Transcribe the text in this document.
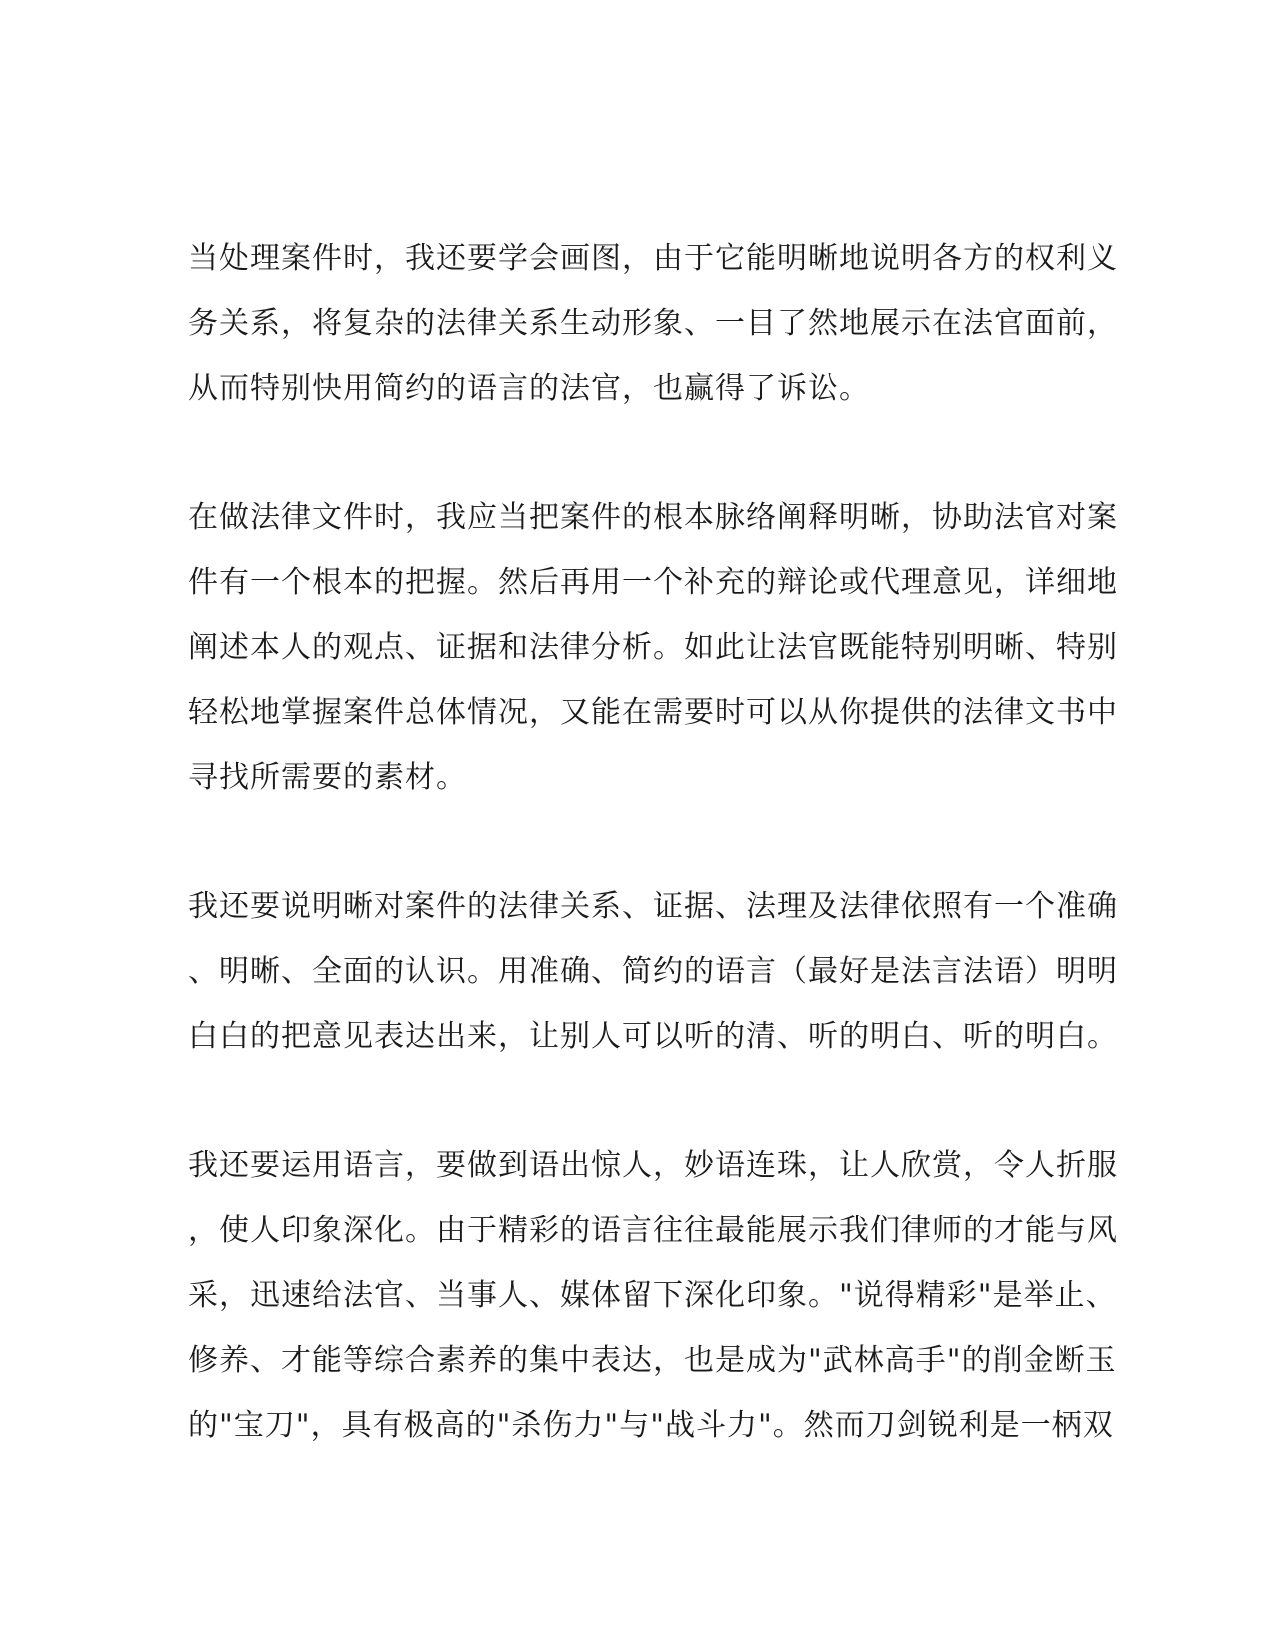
当处理案件时，我还要学会画图，由于它能明晰地说明各方的权利义
务关系，将复杂的法律关系生动形象、一目了然地展示在法官面前，
从而特别快用简约的语言的法官，也赢得了诉讼。

在做法律文件时，我应当把案件的根本脉络阐释明晰，协助法官对案
件有一个根本的把握。然后再用一个补充的辩论或代理意见，详细地
阐述本人的观点、证据和法律分析。如此让法官既能特别明晰、特别
轻松地掌握案件总体情况，又能在需要时可以从你提供的法律文书中
寻找所需要的素材。

我还要说明晰对案件的法律关系、证据、法理及法律依照有一个准确
、明晰、全面的认识。用准确、简约的语言（最好是法言法语）明明
白白的把意见表达出来，让别人可以听的清、听的明白、听的明白。

我还要运用语言，要做到语出惊人，妙语连珠，让人欣赏，令人折服
，使人印象深化。由于精彩的语言往往最能展示我们律师的才能与风
采，迅速给法官、当事人、媒体留下深化印象。"说得精彩"是举止、
修养、才能等综合素养的集中表达，也是成为"武林高手"的削金断玉
的"宝刀"，具有极高的"杀伤力"与"战斗力"。然而刀剑锐利是一柄双
